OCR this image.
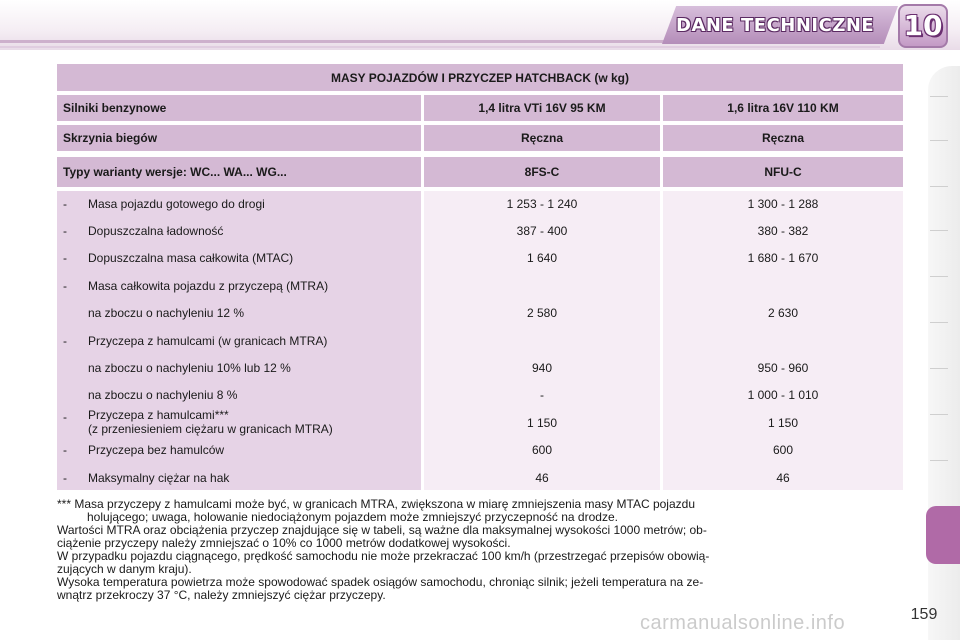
DANE TECHNICZNE	10
MASY POJAZDÓW I PRZYCZEP HATCHBACK (w kg)
Silniki benzynowe	1,4 litra VTi 16V 95 KM	1,6 litra 16V 110 KM
Skrzynia biegów	Ręczna	Ręczna
Typy warianty wersje: WC... WA... WG...	8FS-C	NFU-C
- Masa pojazdu gotowego do drogi	1 253 - 1 240	1 300 - 1 288
- Dopuszczalna ładowność	387 - 400	380 - 382
- Dopuszczalna masa całkowita (MTAC)	1 640	1 680 - 1 670
- Masa całkowita pojazdu z przyczepą (MTRA)
na zboczu o nachyleniu 12 %	2 580	2 630
- Przyczepa z hamulcami (w granicach MTRA)
na zboczu o nachyleniu 10% lub 12 %	940	950 - 960
na zboczu o nachyleniu 8 %	-	1 000 - 1 010
- Przyczepa z hamulcami***
(z przeniesieniem ciężaru w granicach MTRA)	1 150	1 150
- Przyczepa bez hamulców	600	600
- Maksymalny ciężar na hak	46	46
*** Masa przyczepy z hamulcami może być, w granicach MTRA, zwiększona w miarę zmniejszenia masy MTAC pojazdu
holującego; uwaga, holowanie niedociążonym pojazdem może zmniejszyć przyczepność na drodze.
Wartości MTRA oraz obciążenia przyczep znajdujące się w tabeli, są ważne dla maksymalnej wysokości 1000 metrów; ob-
ciążenie przyczepy należy zmniejszać o 10% co 1000 metrów dodatkowej wysokości.
W przypadku pojazdu ciągnącego, prędkość samochodu nie może przekraczać 100 km/h (przestrzegać przepisów obowią-
zujących w danym kraju).
Wysoka temperatura powietrza może spowodować spadek osiągów samochodu, chroniąc silnik; jeżeli temperatura na ze-
wnątrz przekroczy 37 °C, należy zmniejszyć ciężar przyczepy.
159
carmanualsonline.info
